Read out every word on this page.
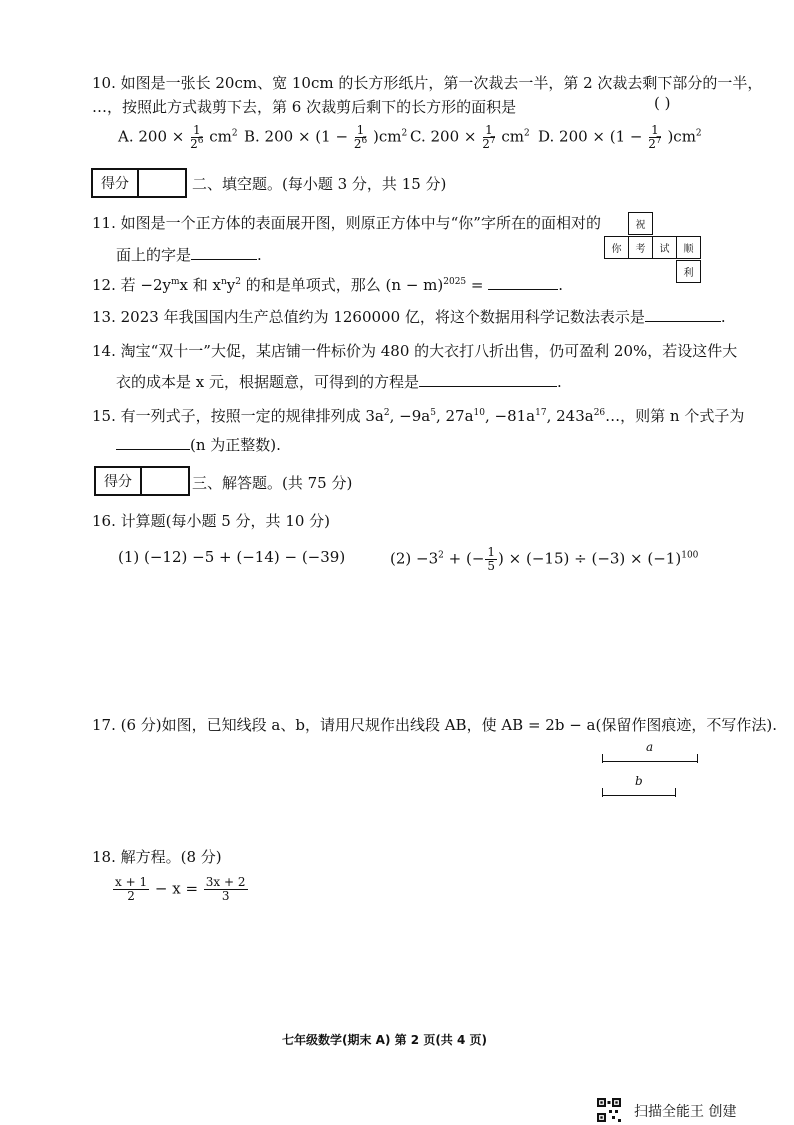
10. 如图是一张长 20cm、宽 10cm 的长方形纸片，第一次裁去一半，第 2 次裁去剩下部分的一半，
…，按照此方式裁剪下去，第 6 次裁剪后剩下的长方形的面积是	( )
A. $200 \times \frac{1}{2^6} cm^2$ B. $200 \times (1 - \frac{1}{2^6} )cm^2$ C. $200 \times \frac{1}{2^7} cm^2$ D. $200 \times (1 - \frac{1}{2^7} )cm^2$
得分	二、填空题。(每小题 3 分，共 15 分)
11. 如图是一个正方体的表面展开图，则原正方体中与“你”字所在的面相对的
面上的字是	.
祝
你	考	试	顺
利
12. 若 $-2y^mx$ 和 $x^ny^2$ 的和是单项式，那么 $(n - m)^{2025}$ =	.
13. 2023 年我国国内生产总值约为 1260000 亿，将这个数据用科学记数法表示是	.
14. 淘宝“双十一”大促，某店铺一件标价为 480 的大衣打八折出售，仍可盈利 20%，若设这件大
衣的成本是 x 元，根据题意，可得到的方程是	.
15. 有一列式子，按照一定的规律排列成 $3a^2$, $-9a^5$, $27a^{10}$, $-81a^{17}$, $243a^{26}\dots$，则第 n 个式子为
(n 为正整数).
得分	三、解答题。(共 75 分)
16. 计算题(每小题 5 分，共 10 分)
(1) (−12) −5 + (−14) − (−39)	$(2) -3^2$ + (− $\frac{1}{5}$ ) × $(-15) \div (-3) \times (-1)^{100}$
17. (6 分)如图，已知线段 a、b，请用尺规作出线段 AB，使 AB = 2b − a(保留作图痕迹，不写作法).
a
b
18. 解方程。(8 分)
$\frac{x + 1}{2} - x = \frac{3x + 2}{3}$
七年级数学(期末 A) 第 2 页(共 4 页)
扫描全能王 创建
